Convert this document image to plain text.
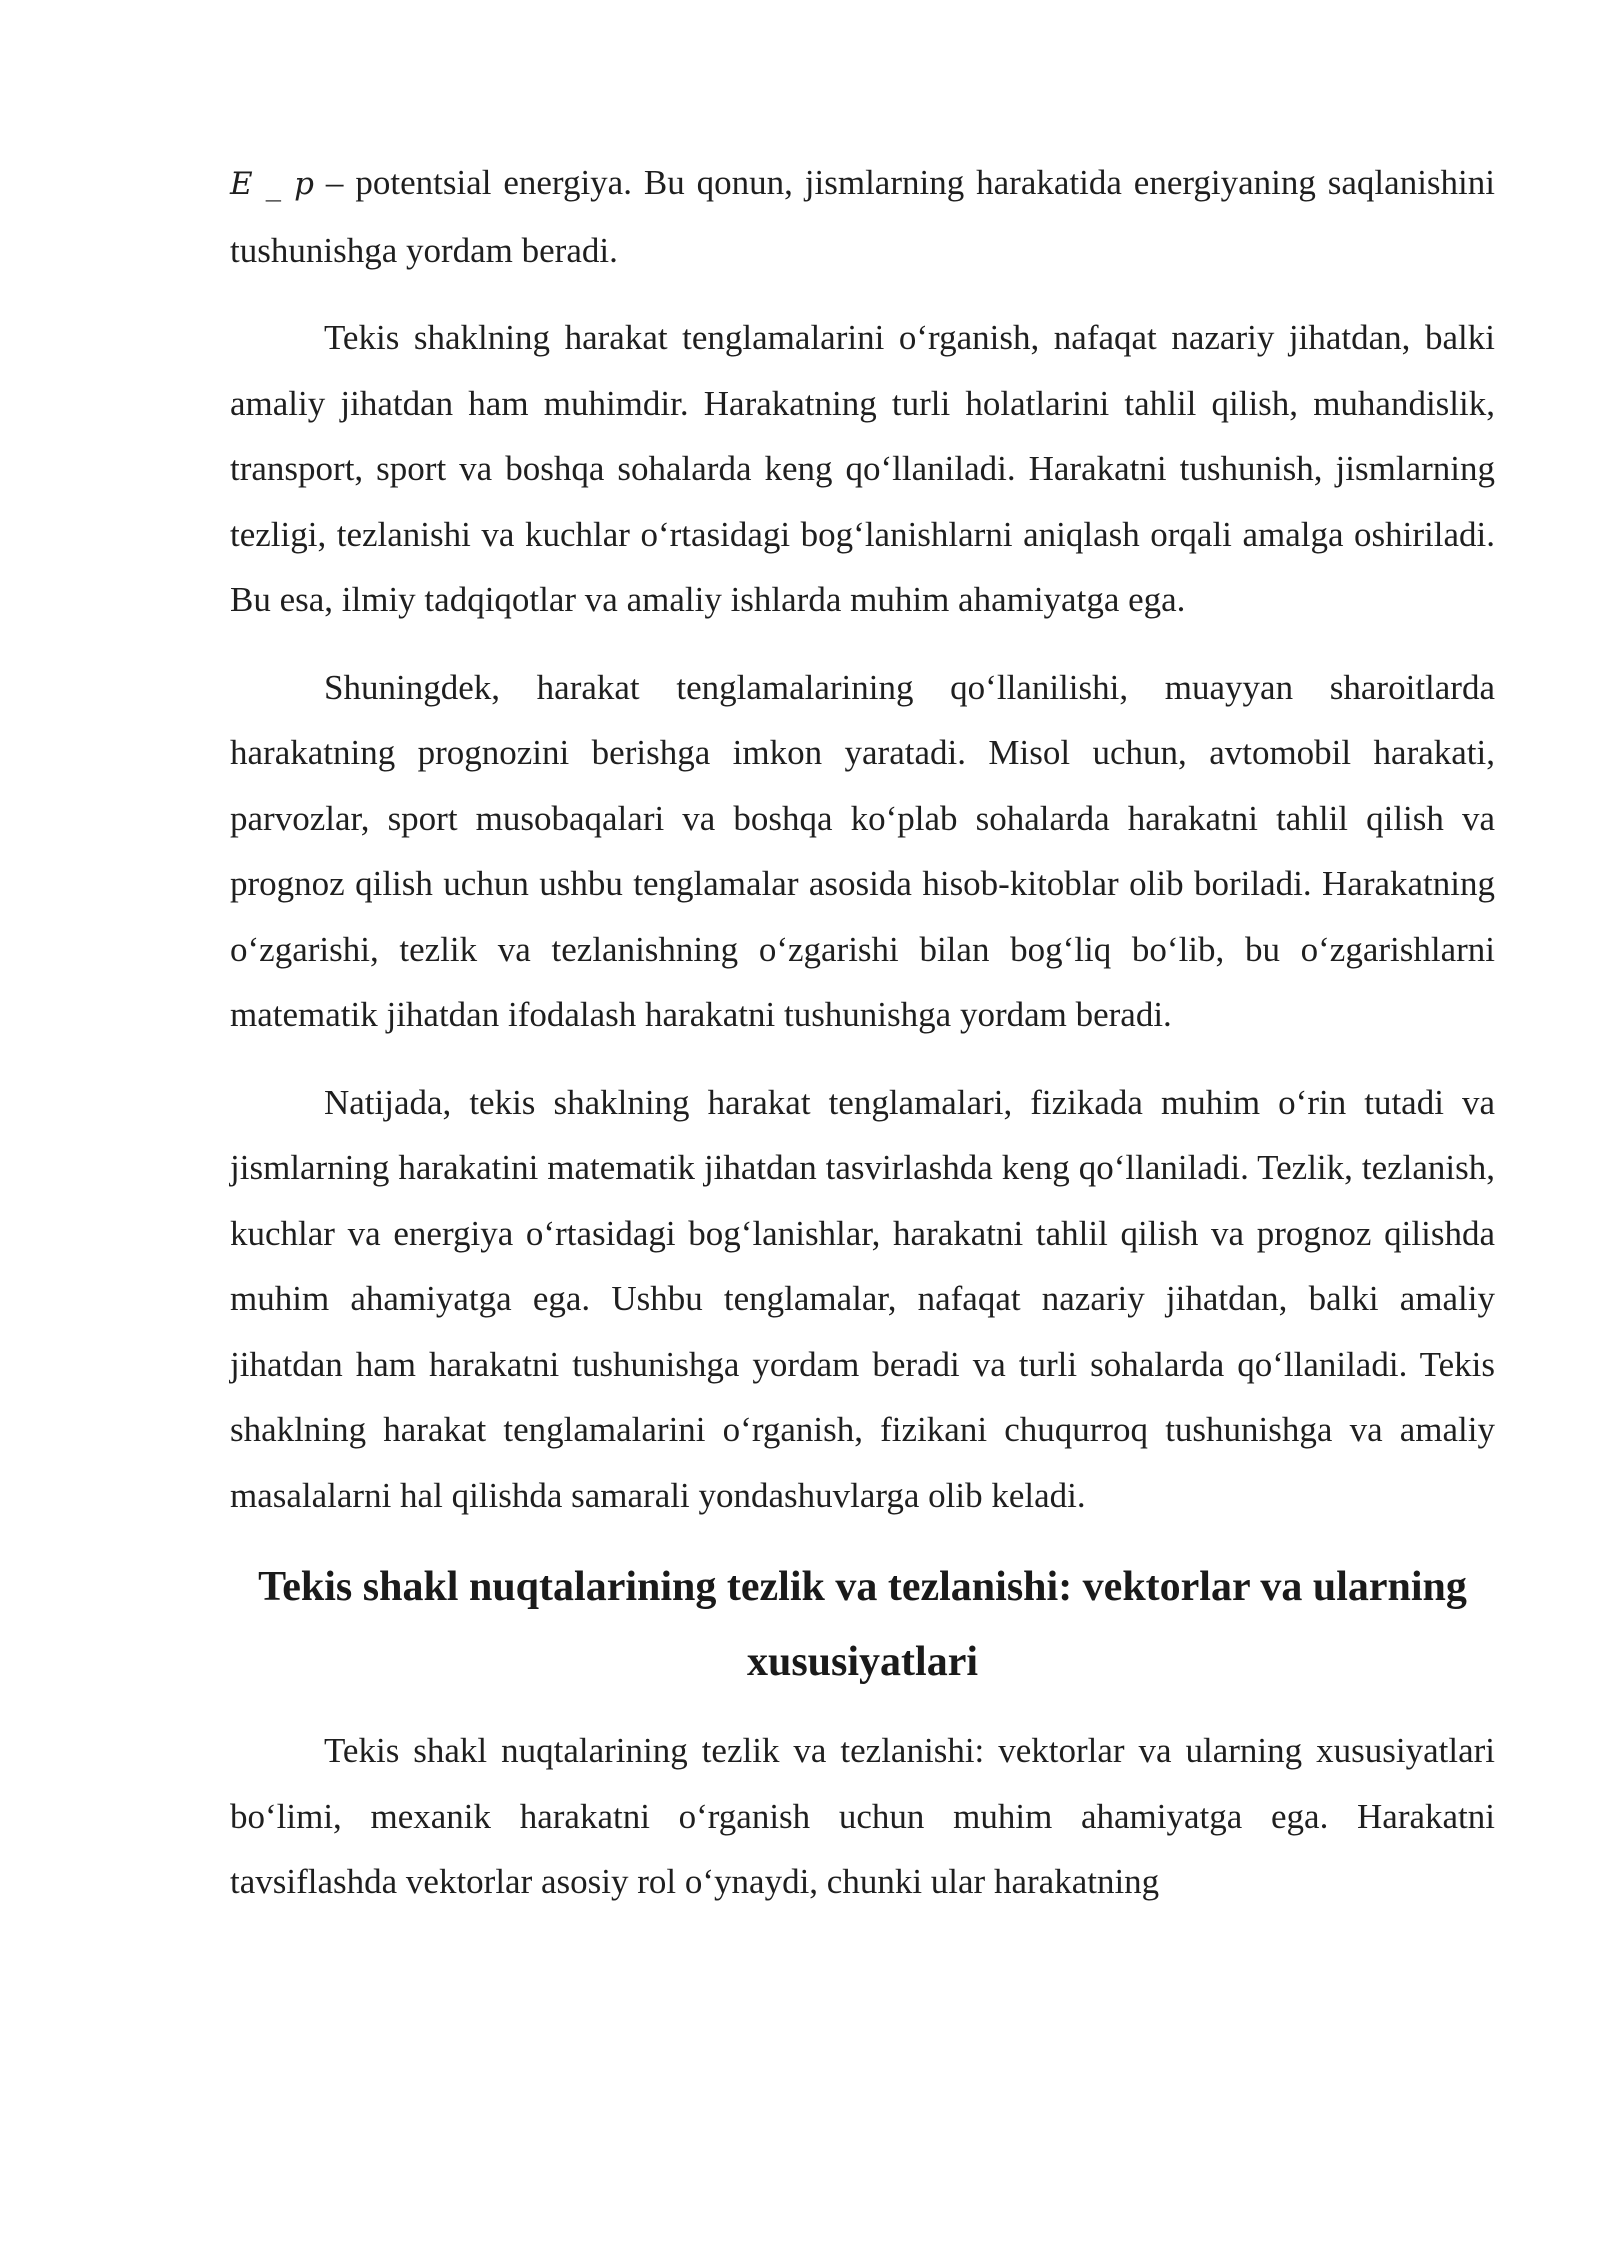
E _ p – potentsial energiya. Bu qonun, jismlarning harakatida energiyaning saqlanishini tushunishga yordam beradi.

Tekis shaklning harakat tenglamalarini o‘rganish, nafaqat nazariy jihatdan, balki amaliy jihatdan ham muhimdir. Harakatning turli holatlarini tahlil qilish, muhandislik, transport, sport va boshqa sohalarda keng qo‘llaniladi. Harakatni tushunish, jismlarning tezligi, tezlanishi va kuchlar o‘rtasidagi bog‘lanishlarni aniqlash orqali amalga oshiriladi. Bu esa, ilmiy tadqiqotlar va amaliy ishlarda muhim ahamiyatga ega.

Shuningdek, harakat tenglamalarining qo‘llanilishi, muayyan sharoitlarda harakatning prognozini berishga imkon yaratadi. Misol uchun, avtomobil harakati, parvozlar, sport musobaqalari va boshqa ko‘plab sohalarda harakatni tahlil qilish va prognoz qilish uchun ushbu tenglamalar asosida hisob-kitoblar olib boriladi. Harakatning o‘zgarishi, tezlik va tezlanishning o‘zgarishi bilan bog‘liq bo‘lib, bu o‘zgarishlarni matematik jihatdan ifodalash harakatni tushunishga yordam beradi.

Natijada, tekis shaklning harakat tenglamalari, fizikada muhim o‘rin tutadi va jismlarning harakatini matematik jihatdan tasvirlashda keng qo‘llaniladi. Tezlik, tezlanish, kuchlar va energiya o‘rtasidagi bog‘lanishlar, harakatni tahlil qilish va prognoz qilishda muhim ahamiyatga ega. Ushbu tenglamalar, nafaqat nazariy jihatdan, balki amaliy jihatdan ham harakatni tushunishga yordam beradi va turli sohalarda qo‘llaniladi. Tekis shaklning harakat tenglamalarini o‘rganish, fizikani chuqurroq tushunishga va amaliy masalalarni hal qilishda samarali yondashuvlarga olib keladi.

Tekis shakl nuqtalarining tezlik va tezlanishi: vektorlar va ularning xususiyatlari

Tekis shakl nuqtalarining tezlik va tezlanishi: vektorlar va ularning xususiyatlari bo‘limi, mexanik harakatni o‘rganish uchun muhim ahamiyatga ega. Harakatni tavsiflashda vektorlar asosiy rol o‘ynaydi, chunki ular harakatning
